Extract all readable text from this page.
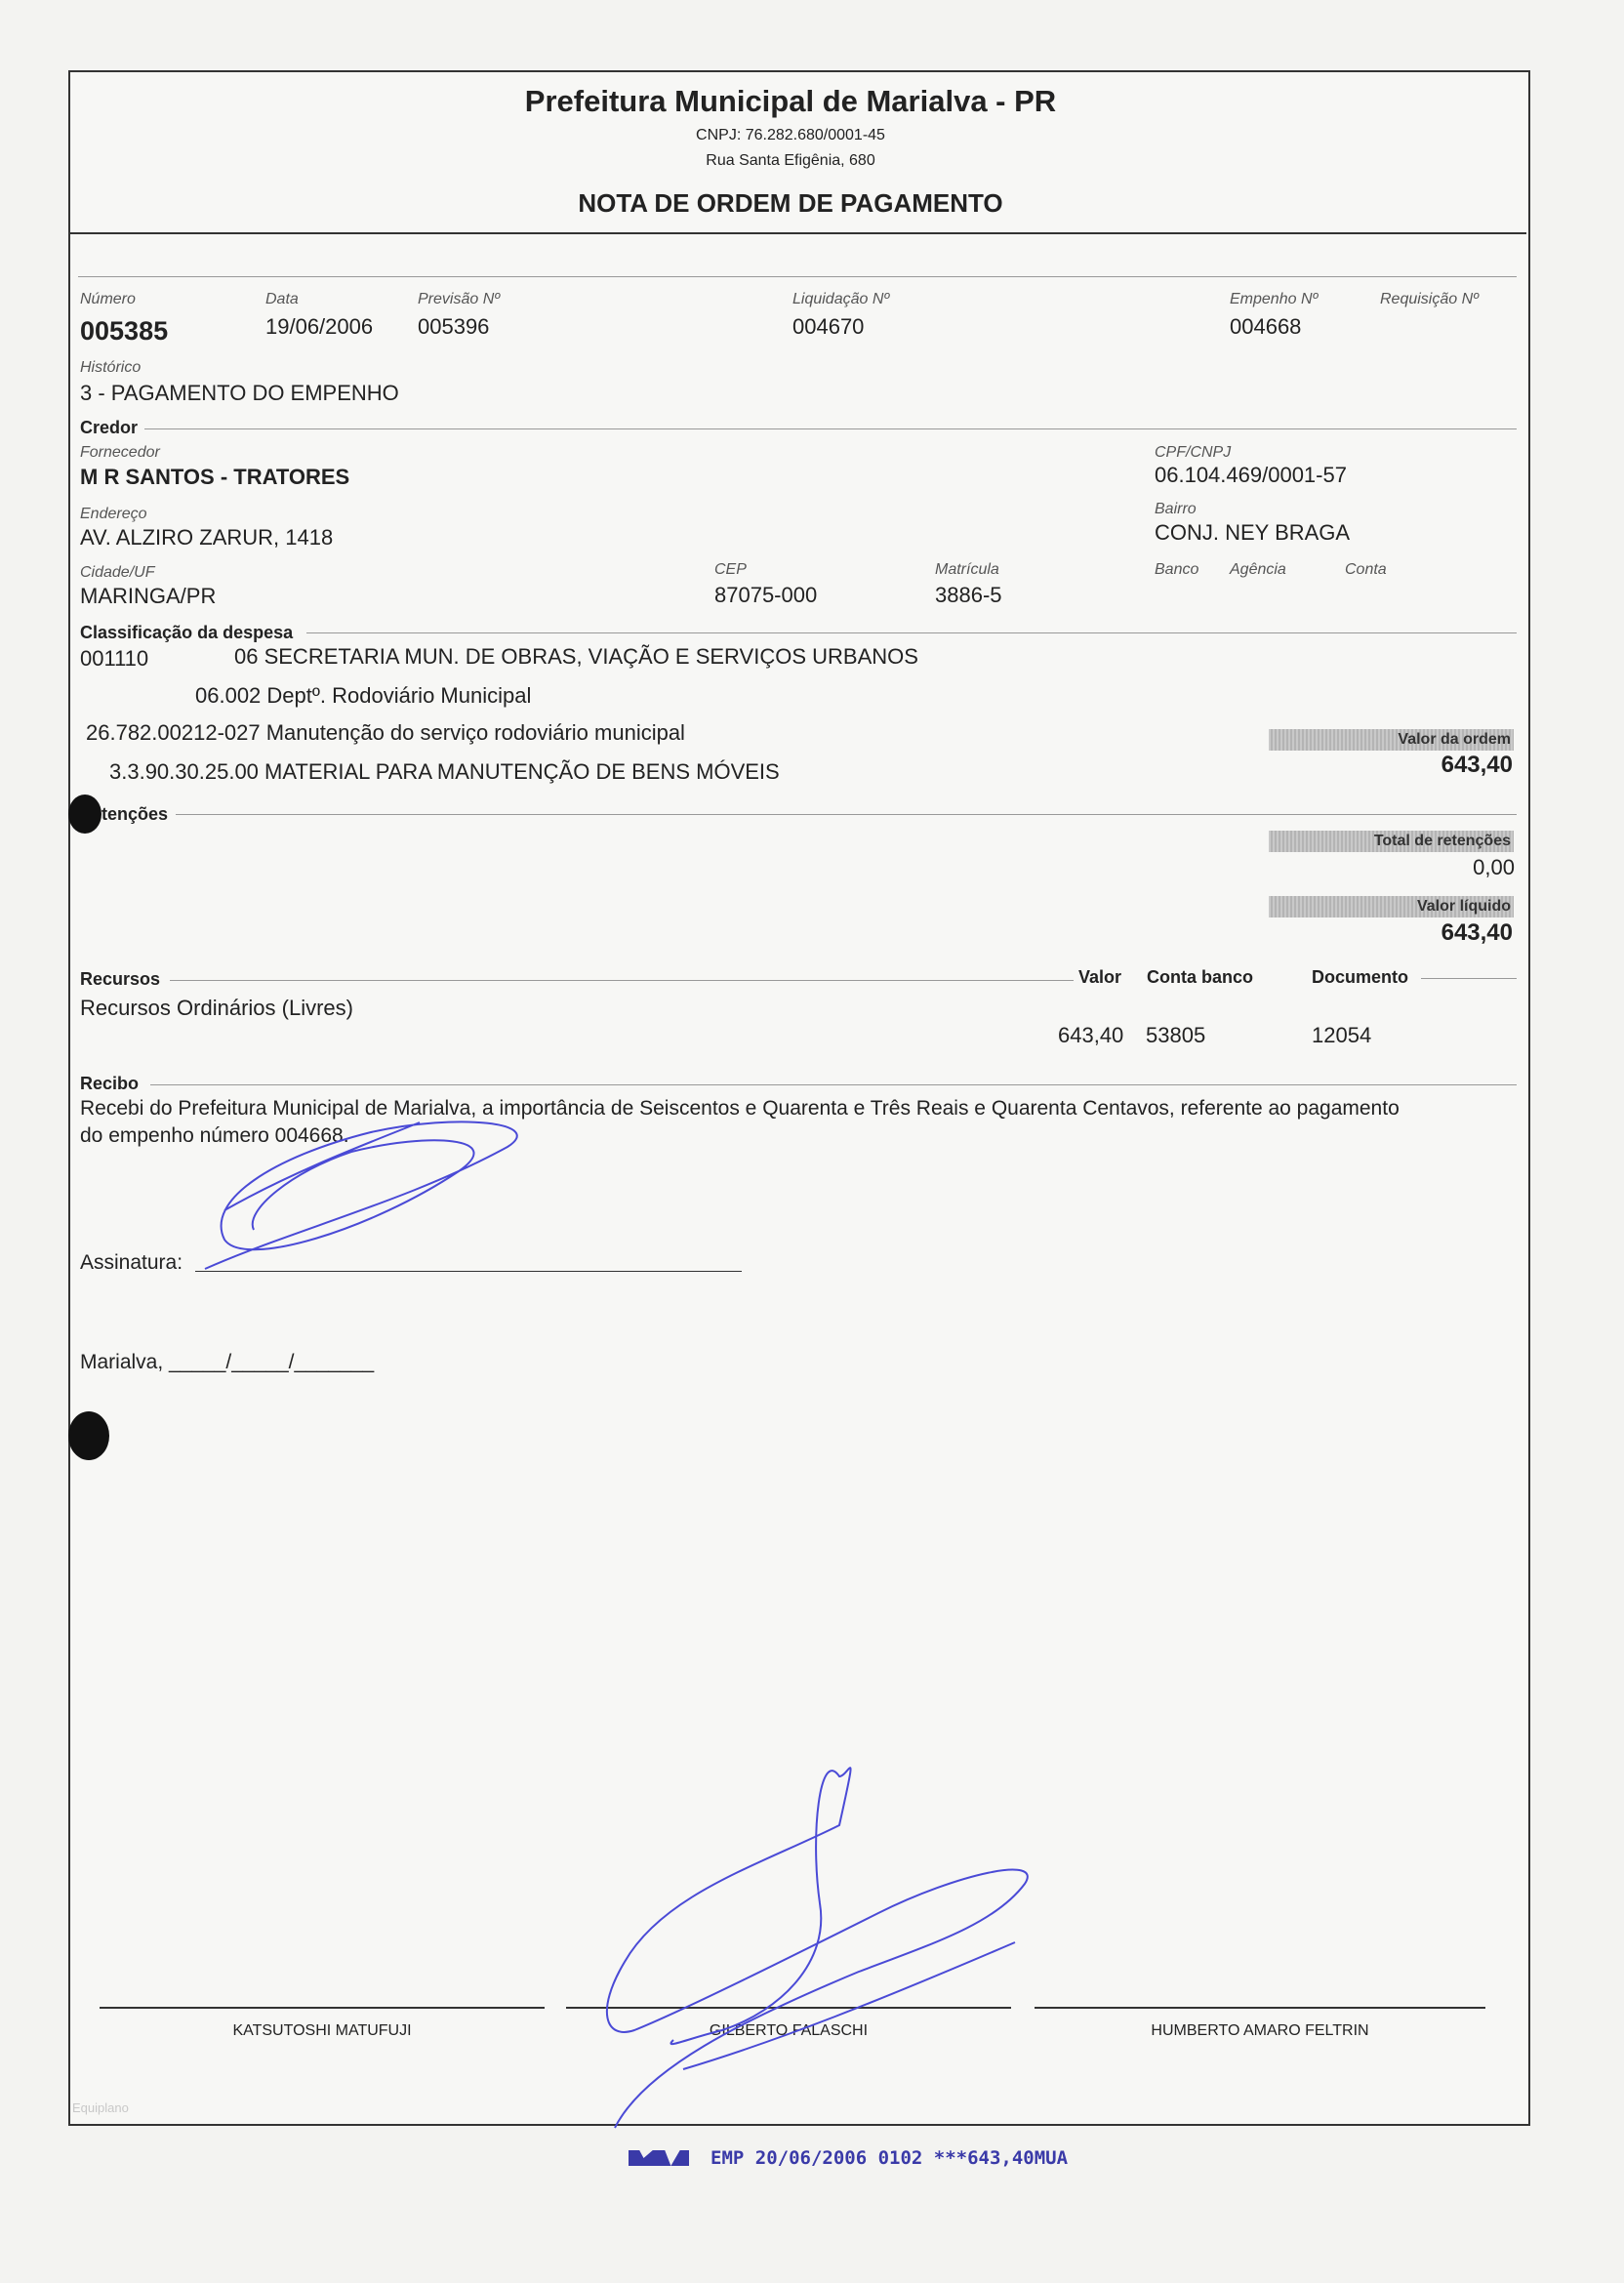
Prefeitura Municipal de Marialva - PR
CNPJ: 76.282.680/0001-45
Rua Santa Efigênia, 680
NOTA DE ORDEM DE PAGAMENTO
Número
005385
Data
19/06/2006
Previsão Nº
005396
Liquidação Nº
004670
Empenho Nº
004668
Requisição Nº
Histórico
3 - PAGAMENTO DO EMPENHO
Credor
Fornecedor
M R SANTOS - TRATORES
CPF/CNPJ
06.104.469/0001-57
Endereço
AV. ALZIRO ZARUR, 1418
Bairro
CONJ. NEY BRAGA
Cidade/UF
MARINGA/PR
CEP
87075-000
Matrícula
3886-5
Banco Agência	Conta
Classificação da despesa
001110	06 SECRETARIA MUN. DE OBRAS, VIAÇÃO E SERVIÇOS URBANOS
06.002 Deptº. Rodoviário Municipal
26.782.00212-027 Manutenção do serviço rodoviário municipal
3.3.90.30.25.00 MATERIAL PARA MANUTENÇÃO DE BENS MÓVEIS
Valor da ordem
643,40
tenções
Total de retenções
0,00
Valor líquido
643,40
Recursos	Valor Conta banco	Documento
Recursos Ordinários (Livres)
643,40 53805	12054
Recibo
Recebi do Prefeitura Municipal de Marialva, a importância de Seiscentos e Quarenta e Três Reais e Quarenta Centavos, referente ao pagamento
do empenho número 004668.
Assinatura:
Marialva, _____/_____/_______
KATSUTOSHI MATUFUJI	GILBERTO FALASCHI	HUMBERTO AMARO FELTRIN
Equiplano
EMP 20/06/2006 0102 ***643,40MUA
